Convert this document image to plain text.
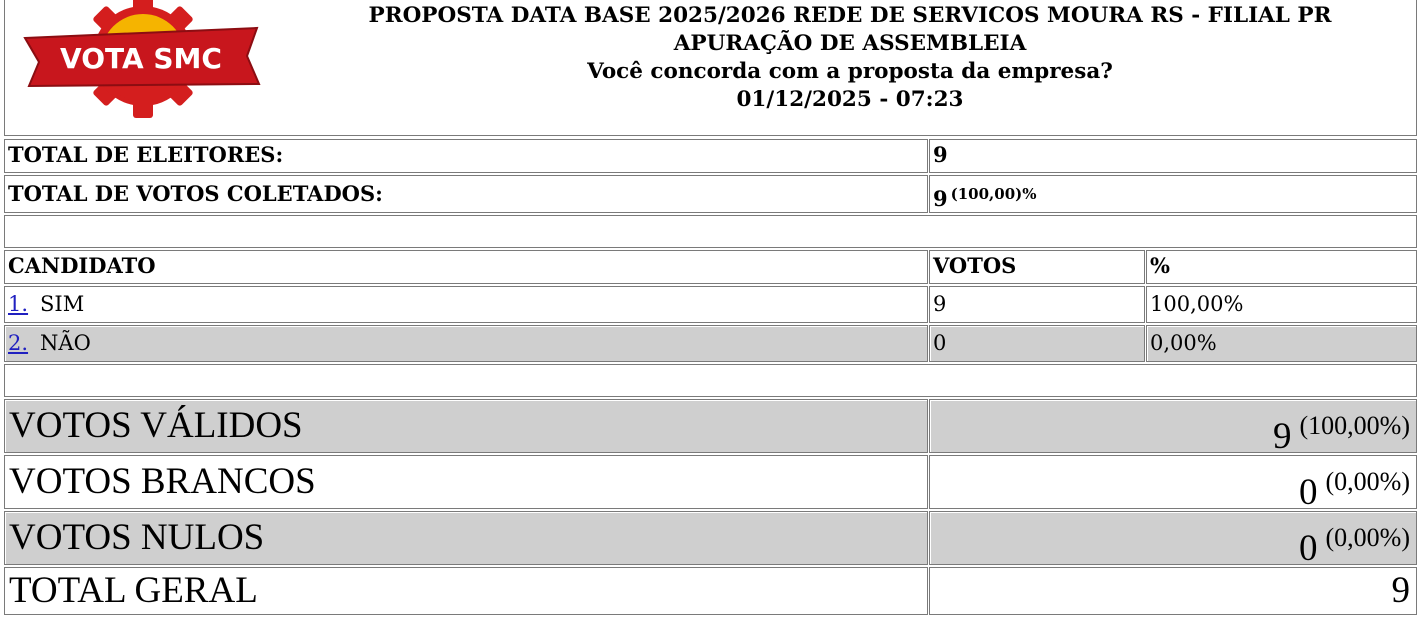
VOTA SMC
PROPOSTA DATA BASE 2025/2026 REDE DE SERVICOS MOURA RS - FILIAL PR
APURAÇÃO DE ASSEMBLEIA
Você concorda com a proposta da empresa?
01/12/2025 - 07:23
TOTAL DE ELEITORES:	9
TOTAL DE VOTOS COLETADOS:	9 $^{(100,00)\%}$
CANDIDATO	VOTOS	%
1. SIM	9	100,00%
2. NÃO	0	0,00%
VOTOS VÁLIDOS	9 $^{(100,00\%)}$
VOTOS BRANCOS	0 $^{(0,00\%)}$
VOTOS NULOS	0 $^{(0,00\%)}$
TOTAL GERAL	9
